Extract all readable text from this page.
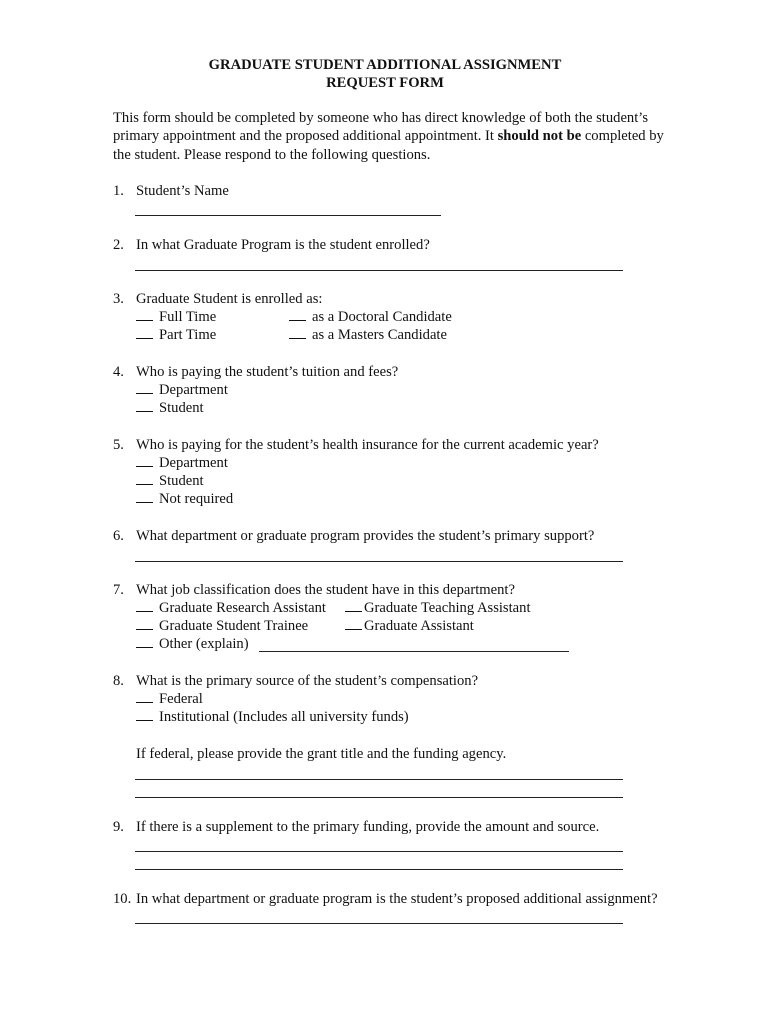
GRADUATE STUDENT ADDITIONAL ASSIGNMENT
REQUEST FORM
This form should be completed by someone who has direct knowledge of both the student’s primary appointment and the proposed additional appointment. It should not be completed by the student. Please respond to the following questions.
1. Student’s Name
2. In what Graduate Program is the student enrolled?
3. Graduate Student is enrolled as:
Full Time	as a Doctoral Candidate
Part Time	as a Masters Candidate
4. Who is paying the student’s tuition and fees?
Department
Student
5. Who is paying for the student’s health insurance for the current academic year?
Department
Student
Not required
6. What department or graduate program provides the student’s primary support?
7. What job classification does the student have in this department?
Graduate Research Assistant	Graduate Teaching Assistant
Graduate Student Trainee	Graduate Assistant
Other (explain)
8. What is the primary source of the student’s compensation?
Federal
Institutional (Includes all university funds)
If federal, please provide the grant title and the funding agency.
9. If there is a supplement to the primary funding, provide the amount and source.
10. In what department or graduate program is the student’s proposed additional assignment?
